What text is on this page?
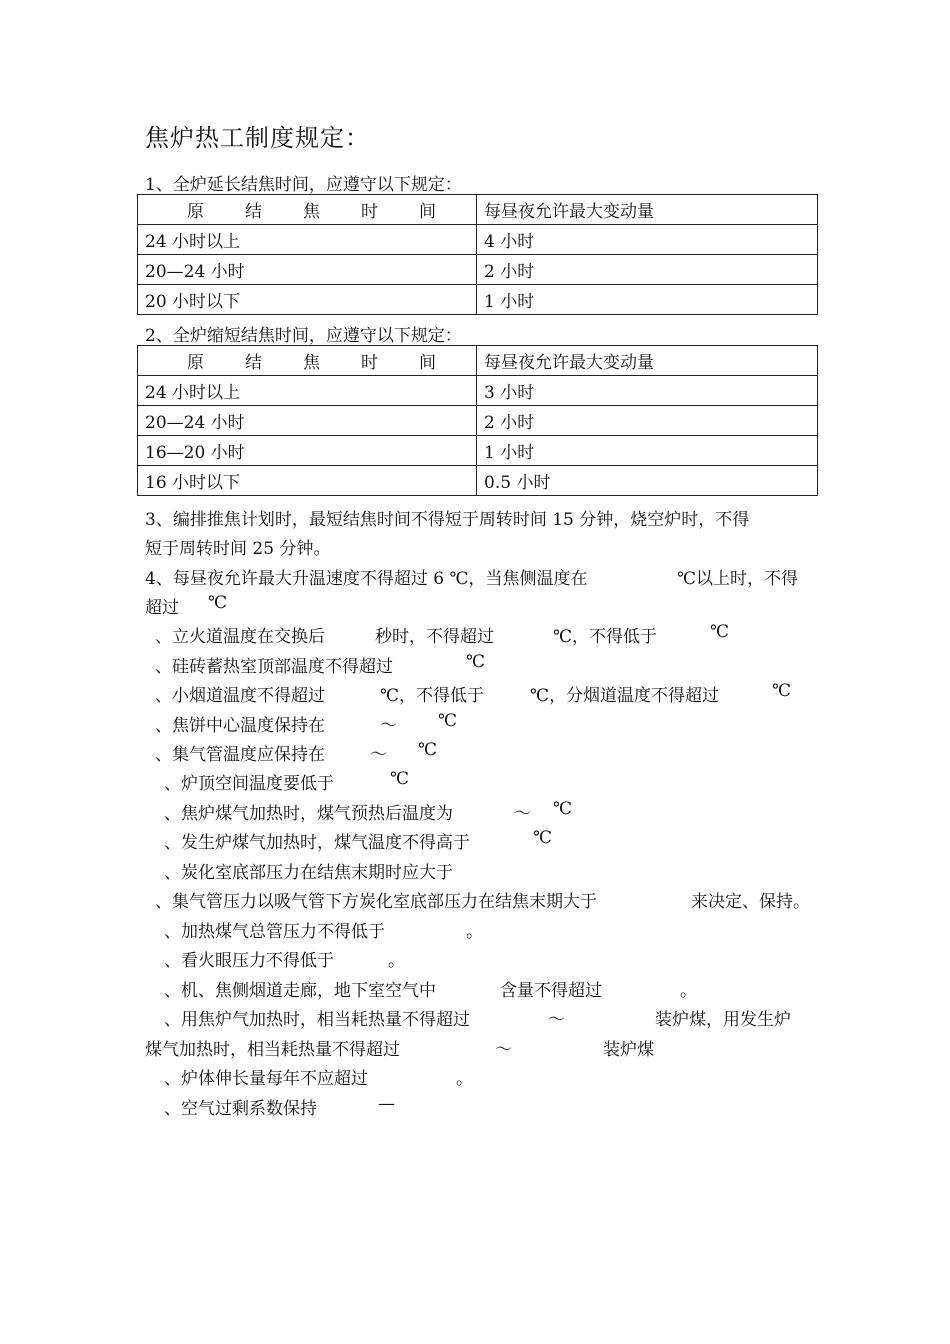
焦炉热工制度规定：
1、全炉延长结焦时间，应遵守以下规定：
原 结 焦 时 间	每昼夜允许最大变动量
24 小时以上	4 小时
20—24 小时	2 小时
20 小时以下	1 小时
2、全炉缩短结焦时间，应遵守以下规定：
原 结 焦 时 间	每昼夜允许最大变动量
24 小时以上	3 小时
20—24 小时	2 小时
16—20 小时	1 小时
16 小时以下	0.5 小时
3、编排推焦计划时，最短结焦时间不得短于周转时间 15 分钟，烧空炉时，不得
短于周转时间 25 分钟。
4、每昼夜允许最大升温速度不得超过 6 ℃，当焦侧温度在	℃以上时，不得
超过 ℃
、立火道温度在交换后	秒时，不得超过	℃，不得低于	℃
、硅砖蓄热室顶部温度不得超过	℃
、小烟道温度不得超过	℃，不得低于	℃，分烟道温度不得超过	℃
、焦饼中心温度保持在	～ ℃
、集气管温度应保持在	～ ℃
、炉顶空间温度要低于	℃
、焦炉煤气加热时，煤气预热后温度为	～ ℃
、发生炉煤气加热时，煤气温度不得高于	℃
、炭化室底部压力在结焦末期时应大于
、集气管压力以吸气管下方炭化室底部压力在结焦末期大于	来决定、保持。
、加热煤气总管压力不得低于	。
、看火眼压力不得低于	。
、机、焦侧烟道走廊，地下室空气中	含量不得超过	。
、用焦炉气加热时，相当耗热量不得超过	～	装炉煤，用发生炉
煤气加热时，相当耗热量不得超过	～	装炉煤
、炉体伸长量每年不应超过	。
、空气过剩系数保持	—
